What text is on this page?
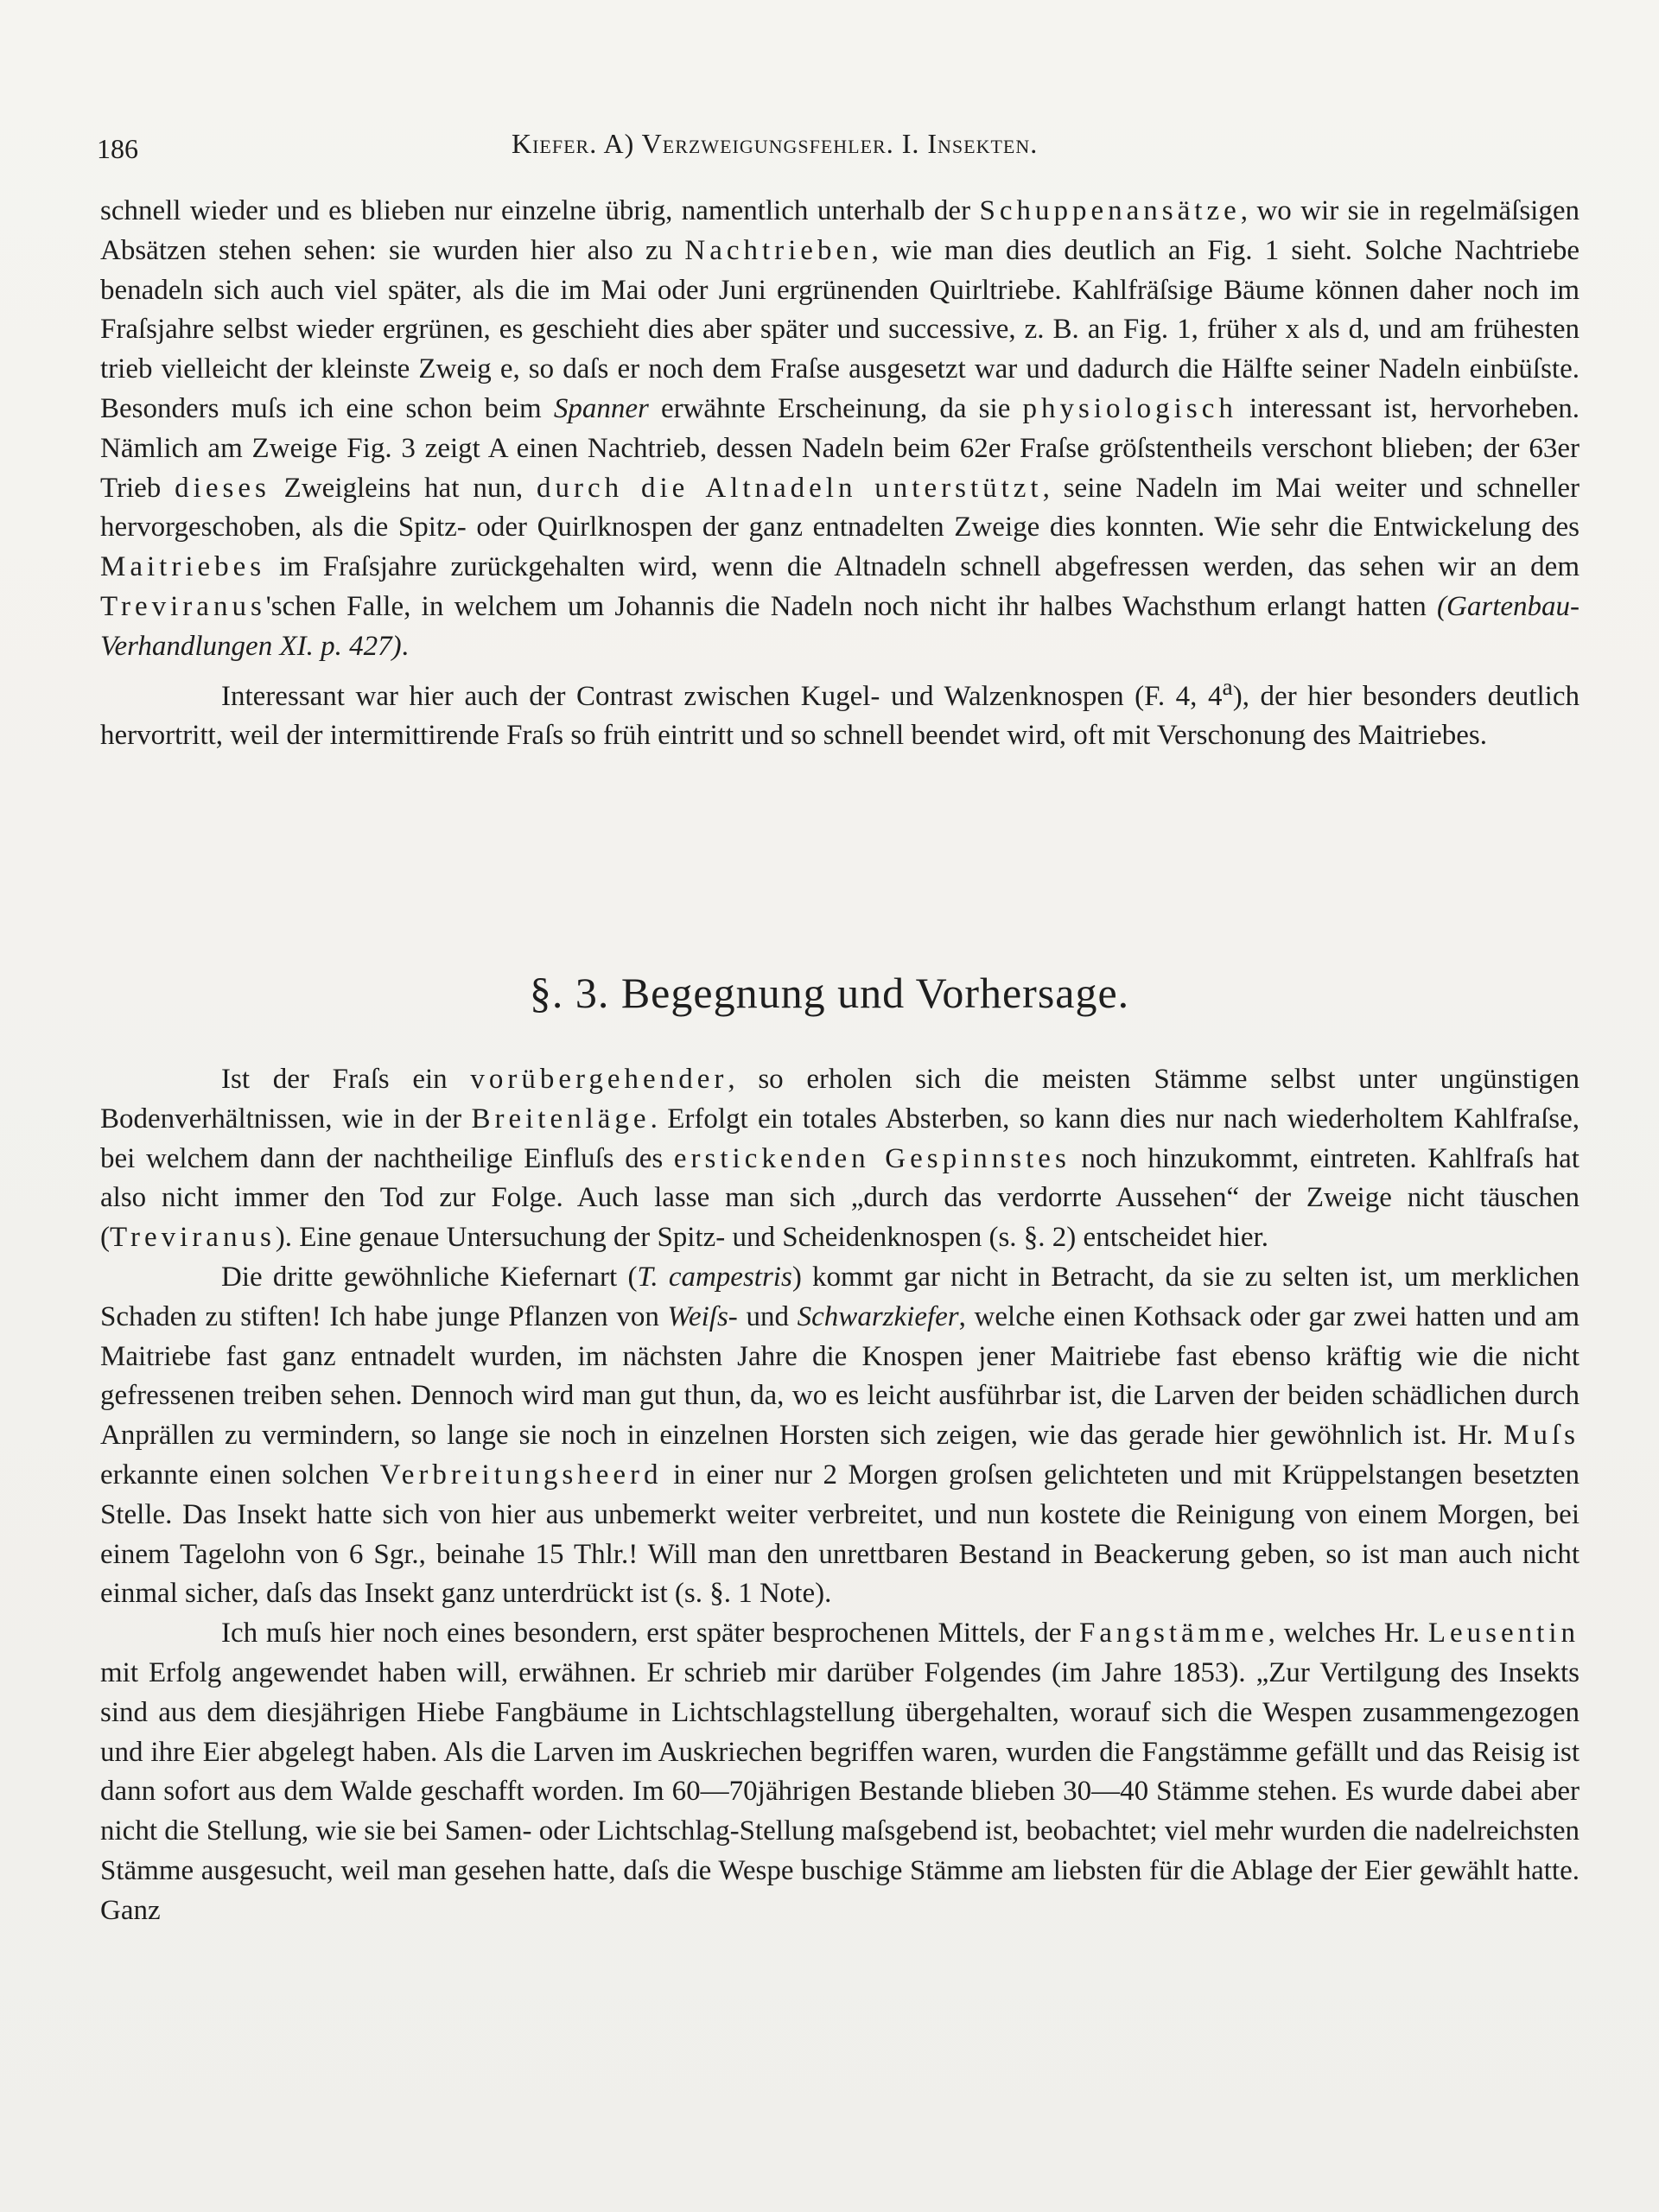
186	Kiefer. A) Verzweigungsfehler. I. Insekten.

schnell wieder und es blieben nur einzelne übrig, namentlich unterhalb der Schuppenansätze, wo wir sie in regelmäſsigen Absätzen stehen sehen: sie wurden hier also zu Nachtrieben, wie man dies deutlich an Fig. 1 sieht. Solche Nachtriebe benadeln sich auch viel später, als die im Mai oder Juni ergrünenden Quirltriebe. Kahlfräſsige Bäume können daher noch im Fraſsjahre selbst wieder ergrünen, es geschieht dies aber später und successive, z. B. an Fig. 1, früher x als d, und am frühesten trieb vielleicht der kleinste Zweig e, so daſs er noch dem Fraſse ausgesetzt war und dadurch die Hälfte seiner Nadeln einbüſste. Besonders muſs ich eine schon beim Spanner erwähnte Erscheinung, da sie physiologisch interessant ist, hervorheben. Nämlich am Zweige Fig. 3 zeigt A einen Nachtrieb, dessen Nadeln beim 62er Fraſse gröſstentheils verschont blieben; der 63er Trieb dieses Zweigleins hat nun, durch die Altnadeln unterstützt, seine Nadeln im Mai weiter und schneller hervorgeschoben, als die Spitz- oder Quirlknospen der ganz entnadelten Zweige dies konnten. Wie sehr die Entwickelung des Maitriebes im Fraſsjahre zurückgehalten wird, wenn die Altnadeln schnell abgefressen werden, das sehen wir an dem Treviranus'schen Falle, in welchem um Johannis die Nadeln noch nicht ihr halbes Wachsthum erlangt hatten (Gartenbau-Verhandlungen XI. p. 427).

Interessant war hier auch der Contrast zwischen Kugel- und Walzenknospen (F. 4, 4$^a$), der hier besonders deutlich hervortritt, weil der intermittirende Fraſs so früh eintritt und so schnell beendet wird, oft mit Verschonung des Maitriebes.

§. 3. Begegnung und Vorhersage.

Ist der Fraſs ein vorübergehender, so erholen sich die meisten Stämme selbst unter ungünstigen Bodenverhältnissen, wie in der Breitenläge. Erfolgt ein totales Absterben, so kann dies nur nach wiederholtem Kahlfraſse, bei welchem dann der nachtheilige Einfluſs des erstickenden Gespinnstes noch hinzukommt, eintreten. Kahlfraſs hat also nicht immer den Tod zur Folge. Auch lasse man sich „durch das verdorrte Aussehen“ der Zweige nicht täuschen (Treviranus). Eine genaue Untersuchung der Spitz- und Scheidenknospen (s. §. 2) entscheidet hier.

Die dritte gewöhnliche Kiefernart (T. campestris) kommt gar nicht in Betracht, da sie zu selten ist, um merklichen Schaden zu stiften! Ich habe junge Pflanzen von Weiſs- und Schwarzkiefer, welche einen Kothsack oder gar zwei hatten und am Maitriebe fast ganz entnadelt wurden, im nächsten Jahre die Knospen jener Maitriebe fast ebenso kräftig wie die nicht gefressenen treiben sehen. Dennoch wird man gut thun, da, wo es leicht ausführbar ist, die Larven der beiden schädlichen durch Anprällen zu vermindern, so lange sie noch in einzelnen Horsten sich zeigen, wie das gerade hier gewöhnlich ist. Hr. Muſs erkannte einen solchen Verbreitungsheerd in einer nur 2 Morgen groſsen gelichteten und mit Krüppelstangen besetzten Stelle. Das Insekt hatte sich von hier aus unbemerkt weiter verbreitet, und nun kostete die Reinigung von einem Morgen, bei einem Tagelohn von 6 Sgr., beinahe 15 Thlr.! Will man den unrettbaren Bestand in Beackerung geben, so ist man auch nicht einmal sicher, daſs das Insekt ganz unterdrückt ist (s. §. 1 Note).

Ich muſs hier noch eines besondern, erst später besprochenen Mittels, der Fangstämme, welches Hr. Leusentin mit Erfolg angewendet haben will, erwähnen. Er schrieb mir darüber Folgendes (im Jahre 1853). „Zur Vertilgung des Insekts sind aus dem diesjährigen Hiebe Fangbäume in Lichtschlagstellung übergehalten, worauf sich die Wespen zusammengezogen und ihre Eier abgelegt haben. Als die Larven im Auskriechen begriffen waren, wurden die Fangstämme gefällt und das Reisig ist dann sofort aus dem Walde geschafft worden. Im 60—70jährigen Bestande blieben 30—40 Stämme stehen. Es wurde dabei aber nicht die Stellung, wie sie bei Samen- oder Lichtschlag-Stellung maſsgebend ist, beobachtet; viel mehr wurden die nadelreichsten Stämme ausgesucht, weil man gesehen hatte, daſs die Wespe buschige Stämme am liebsten für die Ablage der Eier gewählt hatte. Ganz
